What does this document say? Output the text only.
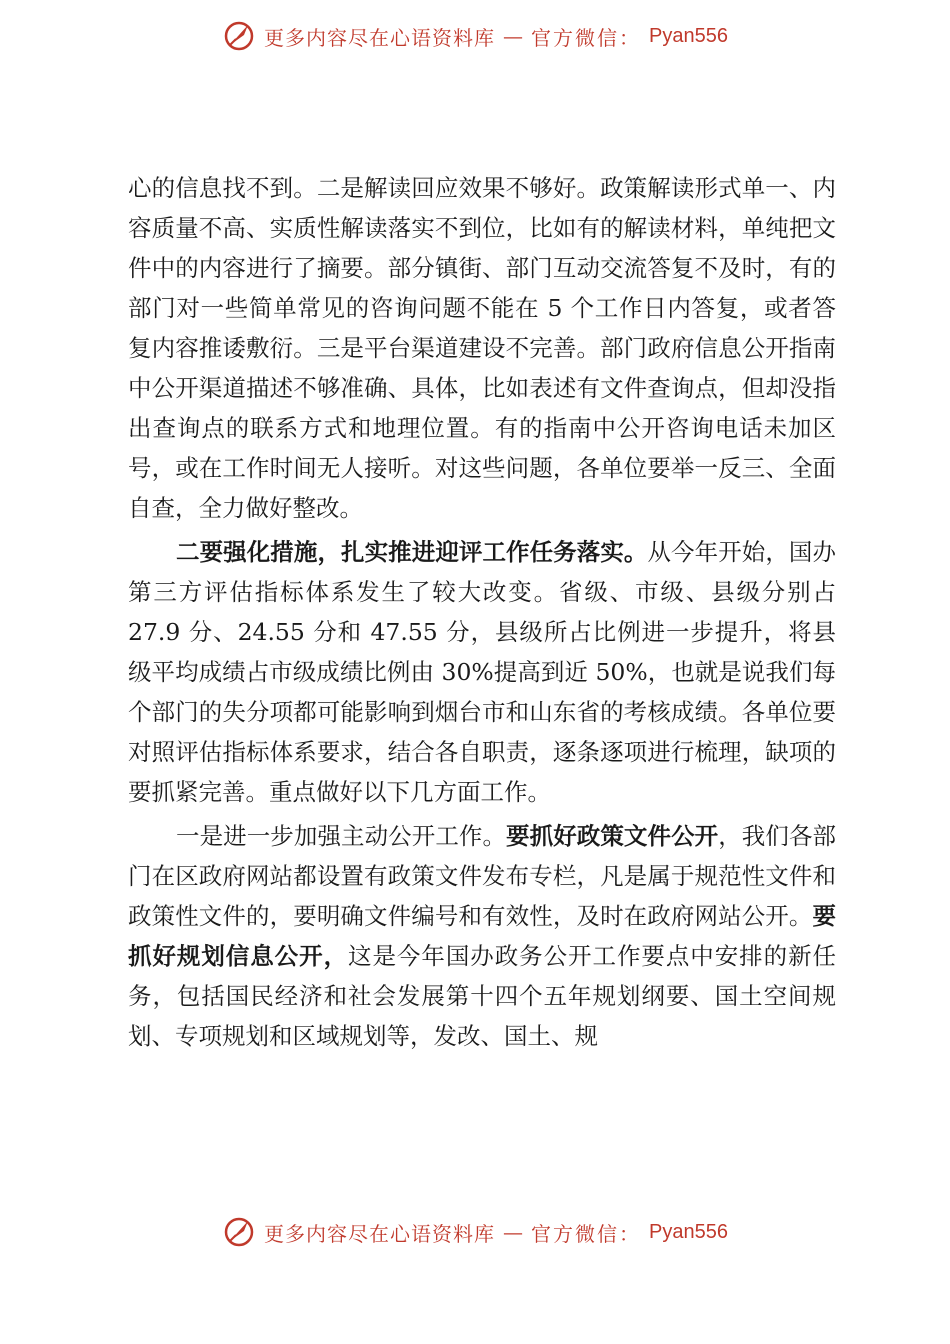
更多内容尽在心语资料库 — 官方微信： Pyan556

心的信息找不到。二是解读回应效果不够好。政策解读形式单一、内容质量不高、实质性解读落实不到位，比如有的解读材料，单纯把文件中的内容进行了摘要。部分镇街、部门互动交流答复不及时，有的部门对一些简单常见的咨询问题不能在 5 个工作日内答复，或者答复内容推诿敷衍。三是平台渠道建设不完善。部门政府信息公开指南中公开渠道描述不够准确、具体，比如表述有文件查询点，但却没指出查询点的联系方式和地理位置。有的指南中公开咨询电话未加区号，或在工作时间无人接听。对这些问题，各单位要举一反三、全面自查，全力做好整改。

二要强化措施，扎实推进迎评工作任务落实。从今年开始，国办第三方评估指标体系发生了较大改变。省级、市级、县级分别占 27.9 分、24.55 分和 47.55 分，县级所占比例进一步提升，将县级平均成绩占市级成绩比例由 30%提高到近 50%，也就是说我们每个部门的失分项都可能影响到烟台市和山东省的考核成绩。各单位要对照评估指标体系要求，结合各自职责，逐条逐项进行梳理，缺项的要抓紧完善。重点做好以下几方面工作。

一是进一步加强主动公开工作。要抓好政策文件公开，我们各部门在区政府网站都设置有政策文件发布专栏，凡是属于规范性文件和政策性文件的，要明确文件编号和有效性，及时在政府网站公开。要抓好规划信息公开，这是今年国办政务公开工作要点中安排的新任务，包括国民经济和社会发展第十四个五年规划纲要、国土空间规划、专项规划和区域规划等，发改、国土、规

更多内容尽在心语资料库 — 官方微信： Pyan556
